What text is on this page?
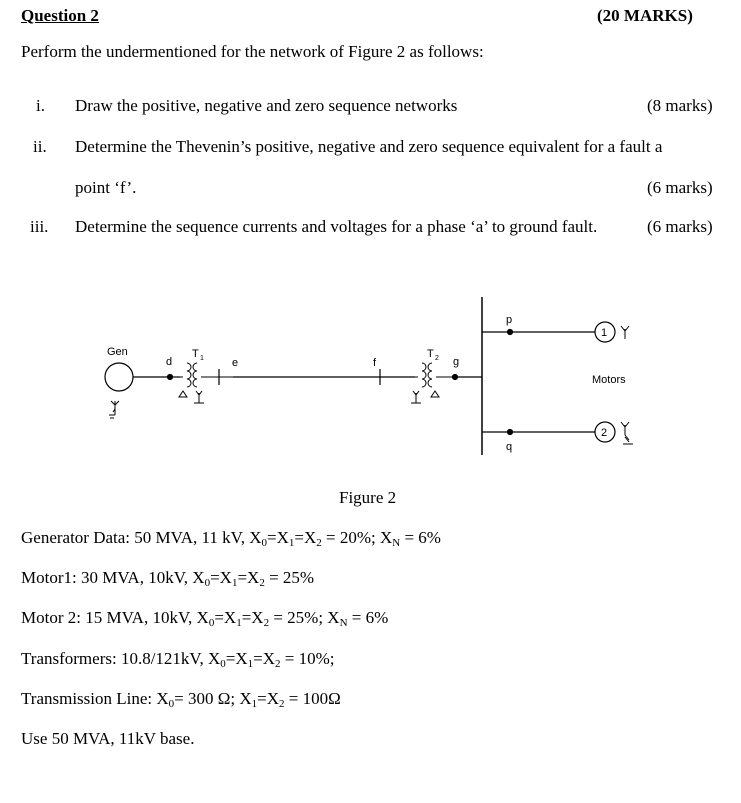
Question 2	(20 MARKS)
Perform the undermentioned for the network of Figure 2 as follows:
i. Draw the positive, negative and zero sequence networks	(8 marks)
ii. Determine the Thevenin’s positive, negative and zero sequence equivalent for a fault a
point ‘f’.	(6 marks)
iii. Determine the sequence currents and voltages for a phase ‘a’ to ground fault.	(6 marks)
Gen
d
T 1	e	f
T 2 g
p
1
Motors
q
2
Figure 2
Generator Data: 50 MVA, 11 kV, $X_0=X_1=X_2 = 20\%$; $X_N = 6\%$
Motor1: 30 MVA, 10kV, $X_0=X_1=X_2 = 25\%$
Motor 2: 15 MVA, 10kV, $X_0=X_1=X_2 = 25\%$; $X_N = 6\%$
Transformers: 10.8/121kV, $X_0=X_1=X_2 = 10\%$;
Transmission Line: $X_0= 300$ Ω; $X_1=X_2 = 100\Omega$
Use 50 MVA, 11kV base.
